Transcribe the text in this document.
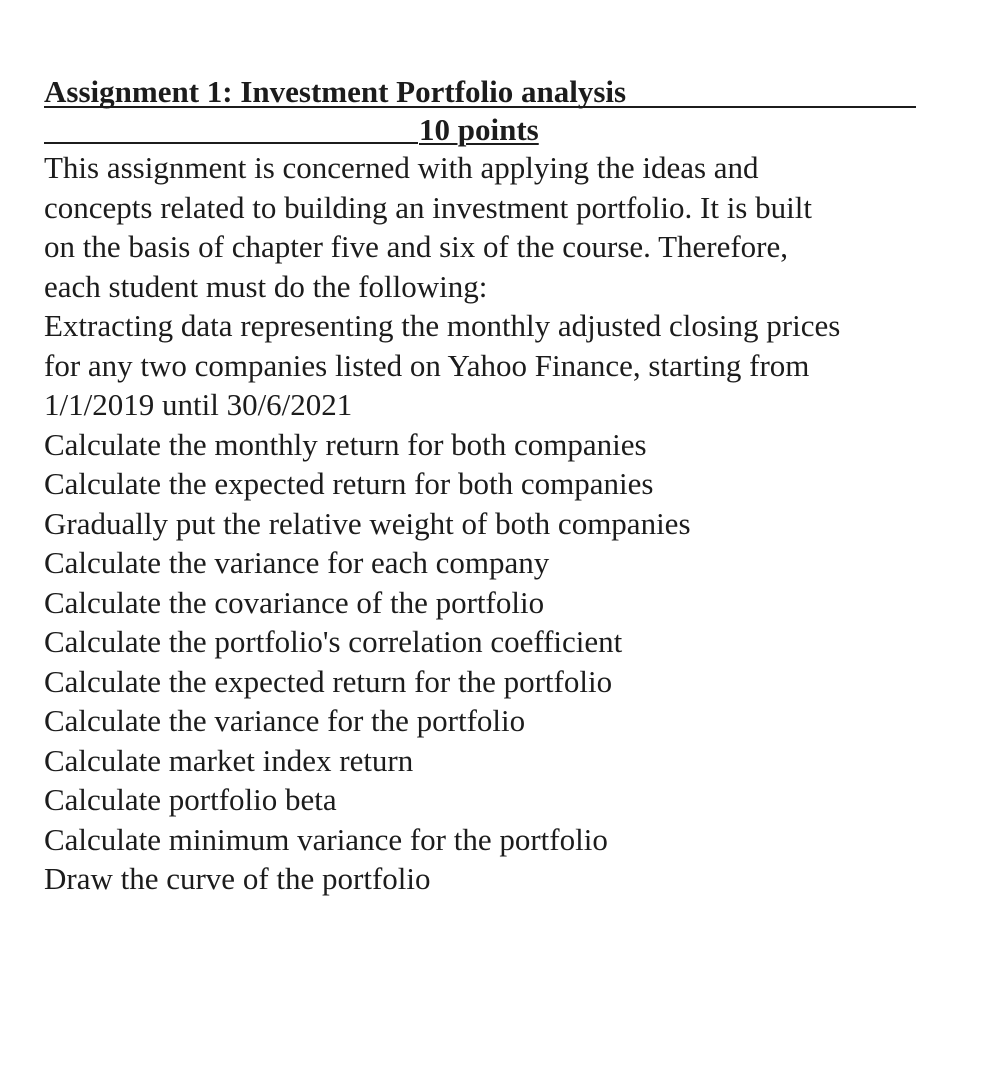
Assignment 1: Investment Portfolio analysis
10 points

This assignment is concerned with applying the ideas and
concepts related to building an investment portfolio. It is built
on the basis of chapter five and six of the course. Therefore,
each student must do the following:

Extracting data representing the monthly adjusted closing prices
for any two companies listed on Yahoo Finance, starting from
1/1/2019 until 30/6/2021

Calculate the monthly return for both companies
Calculate the expected return for both companies
Gradually put the relative weight of both companies
Calculate the variance for each company
Calculate the covariance of the portfolio
Calculate the portfolio's correlation coefficient
Calculate the expected return for the portfolio
Calculate the variance for the portfolio
Calculate market index return
Calculate portfolio beta
Calculate minimum variance for the portfolio
Draw the curve of the portfolio
